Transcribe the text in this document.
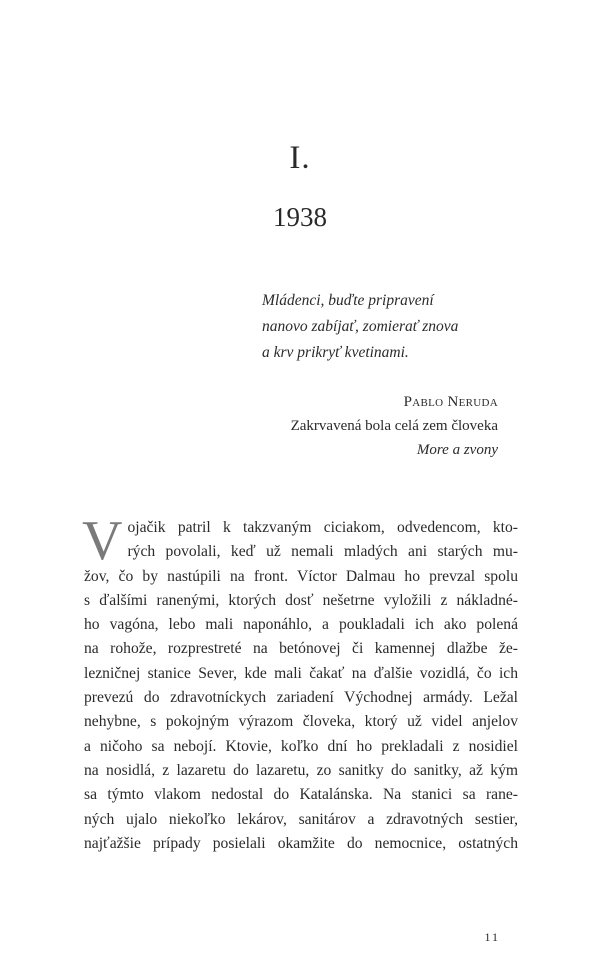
I.
1938
Mládenci, buďte pripravení
nanovo zabíjať, zomierať znova
a krv prikryť kvetinami.
Pablo Neruda
Zakrvavená bola celá zem človeka
More a zvony
V ojačik patril k takzvaným ciciakom, odvedencom, kto-
rých povolali, keď už nemali mladých ani starých mu-
žov, čo by nastúpili na front. Víctor Dalmau ho prevzal spolu
s ďalšími ranenými, ktorých dosť nešetrne vyložili z nákladné-
ho vagóna, lebo mali naponáhlo, a poukladali ich ako polená
na rohože, rozprestreté na betónovej či kamennej dlažbe že-
lezničnej stanice Sever, kde mali čakať na ďalšie vozidlá, čo ich
prevezú do zdravotníckych zariadení Východnej armády. Ležal
nehybne, s pokojným výrazom človeka, ktorý už videl anjelov
a ničoho sa nebojí. Ktovie, koľko dní ho prekladali z nosidiel
na nosidlá, z lazaretu do lazaretu, zo sanitky do sanitky, až kým
sa týmto vlakom nedostal do Katalánska. Na stanici sa rane-
ných ujalo niekoľko lekárov, sanitárov a zdravotných sestier,
najťažšie prípady posielali okamžite do nemocnice, ostatných
11
